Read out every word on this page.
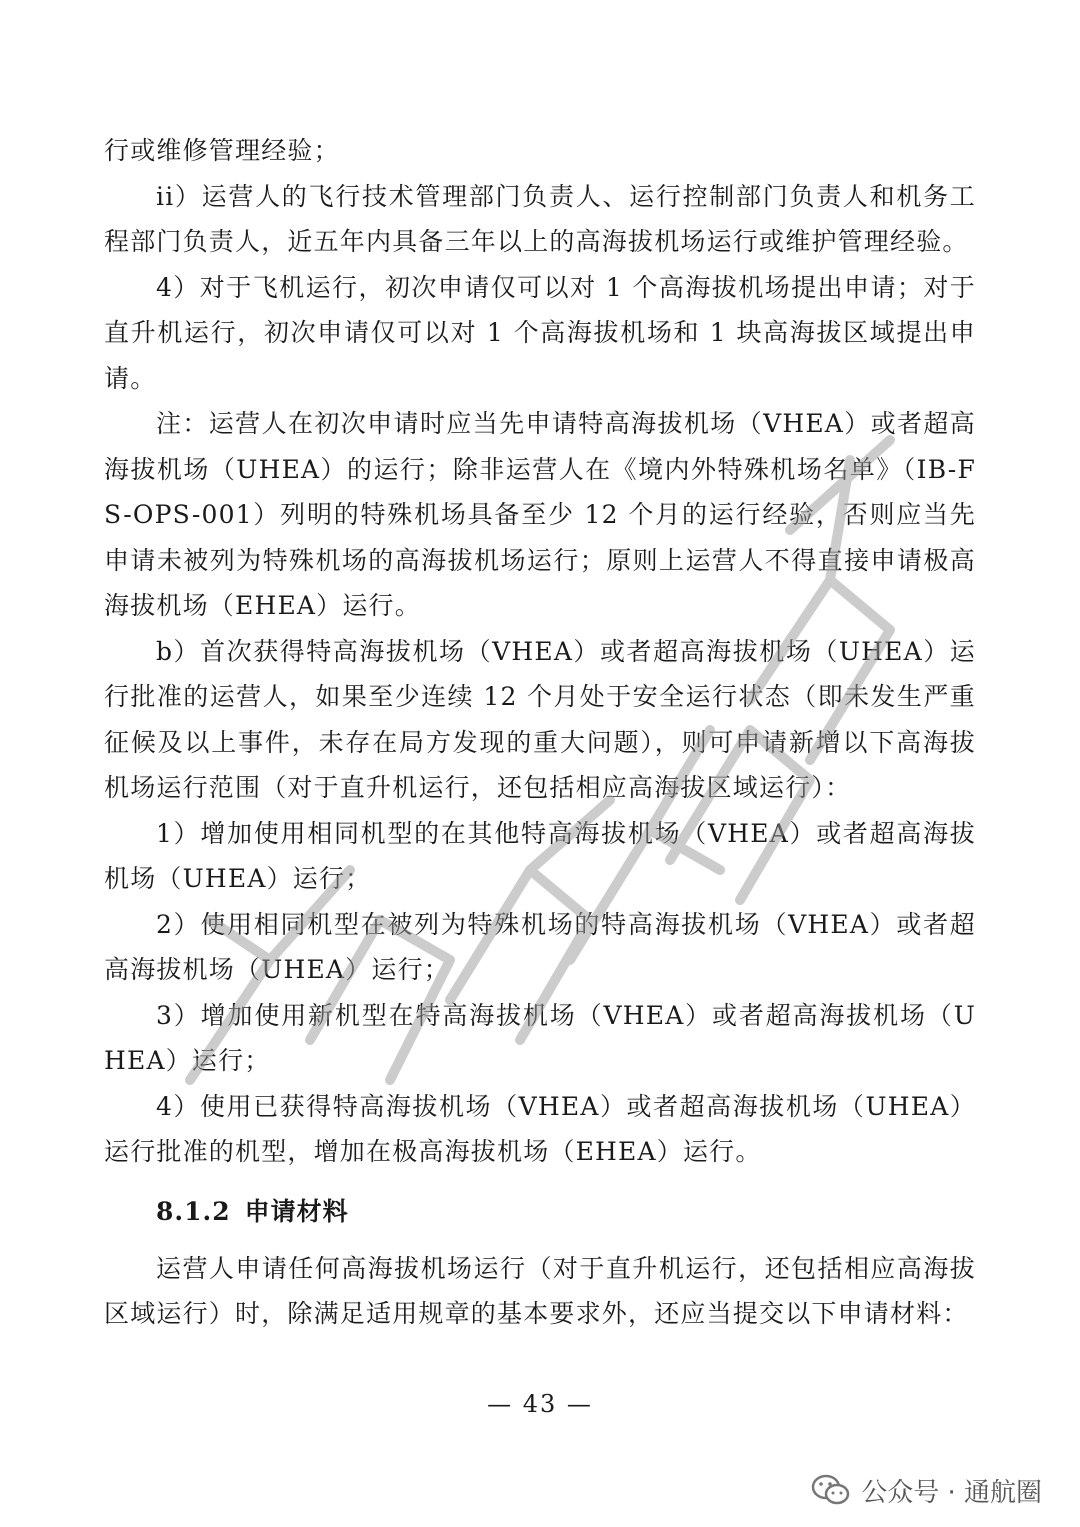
行或维修管理经验；

ii）运营人的飞行技术管理部门负责人、运行控制部门负责人和机务工程部门负责人，近五年内具备三年以上的高海拔机场运行或维护管理经验。

4）对于飞机运行，初次申请仅可以对 1 个高海拔机场提出申请；对于直升机运行，初次申请仅可以对 1 个高海拔机场和 1 块高海拔区域提出申请。

注：运营人在初次申请时应当先申请特高海拔机场（VHEA）或者超高海拔机场（UHEA）的运行；除非运营人在《境内外特殊机场名单》（IB-FS-OPS-001）列明的特殊机场具备至少 12 个月的运行经验，否则应当先申请未被列为特殊机场的高海拔机场运行；原则上运营人不得直接申请极高海拔机场（EHEA）运行。

b）首次获得特高海拔机场（VHEA）或者超高海拔机场（UHEA）运行批准的运营人，如果至少连续 12 个月处于安全运行状态（即未发生严重征候及以上事件，未存在局方发现的重大问题），则可申请新增以下高海拔机场运行范围（对于直升机运行，还包括相应高海拔区域运行）：

1）增加使用相同机型的在其他特高海拔机场（VHEA）或者超高海拔机场（UHEA）运行；

2）使用相同机型在被列为特殊机场的特高海拔机场（VHEA）或者超高海拔机场（UHEA）运行；

3）增加使用新机型在特高海拔机场（VHEA）或者超高海拔机场（UHEA）运行；

4）使用已获得特高海拔机场（VHEA）或者超高海拔机场（UHEA）运行批准的机型，增加在极高海拔机场（EHEA）运行。

8.1.2 申请材料

运营人申请任何高海拔机场运行（对于直升机运行，还包括相应高海拔区域运行）时，除满足适用规章的基本要求外，还应当提交以下申请材料：

— 43 —
公众号 · 通航圈
